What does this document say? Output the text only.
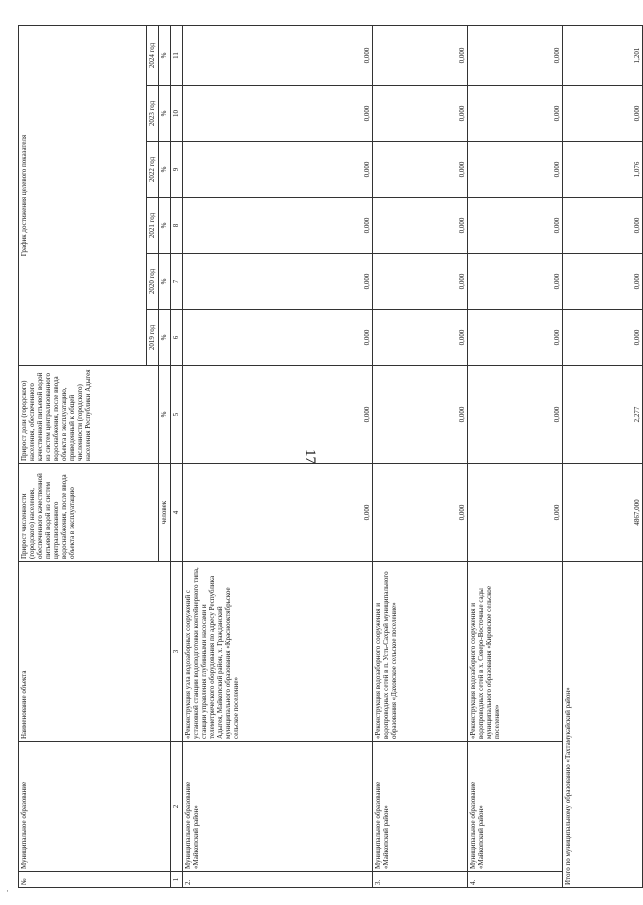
17
·
№	Муниципальное образование	Наименование объекта	Прирост численности (городского) населения, обеспеченного качественной питьевой водой из систем централизованного водоснабжения, после ввода объекта в эксплуатацию	Прирост доли (городского) населения, обеспеченного качественной питьевой водой из систем централизованного водоснабжения, после ввода объекта в эксплуатацию, приведенный к общей численности (городского) населения Республики Адыгея	График достижения целевого показателя					
					2019 год	2020 год	2021 год	2022 год	2023 год	2024 год
			человек	%	%	%	%	%	%	%
1	2	3	4	5	6	7	8	9	10	11
2.	Муниципальное образование «Майкопский район»	«Реконструкция узла водозаборных сооружений с установкой станции водоподготовки контейнерного типа, станции управления глубинными насосами и телеметрического оборудования по адресу Республика Адыгея, Майкопский район, х. Гражданский муниципального образования «Краснооктябрьское сельское поселение»	0,000	0,000	0,000	0,000	0,000	0,000	0,000	0,000
3.	Муниципальное образование «Майкопский район»	«Реконструкция водозаборного сооружения и водопроводных сетей в п. Усть-Сахрай муниципального образования «Даховское сельское поселение»	0,000	0,000	0,000	0,000	0,000	0,000	0,000	0,000
4.	Муниципальное образование «Майкопский район»	«Реконструкция водозаборного сооружения и водопроводных сетей в х. Северо-Восточные сады муниципального образования «Кировское сельское поселение»	0,000	0,000	0,000	0,000	0,000	0,000	0,000	0,000
Итого по муниципальному образованию «Тахтамукайский район»			4867,000	2,277	0,000	0,000	0,000	1,076	0,000	1,201
